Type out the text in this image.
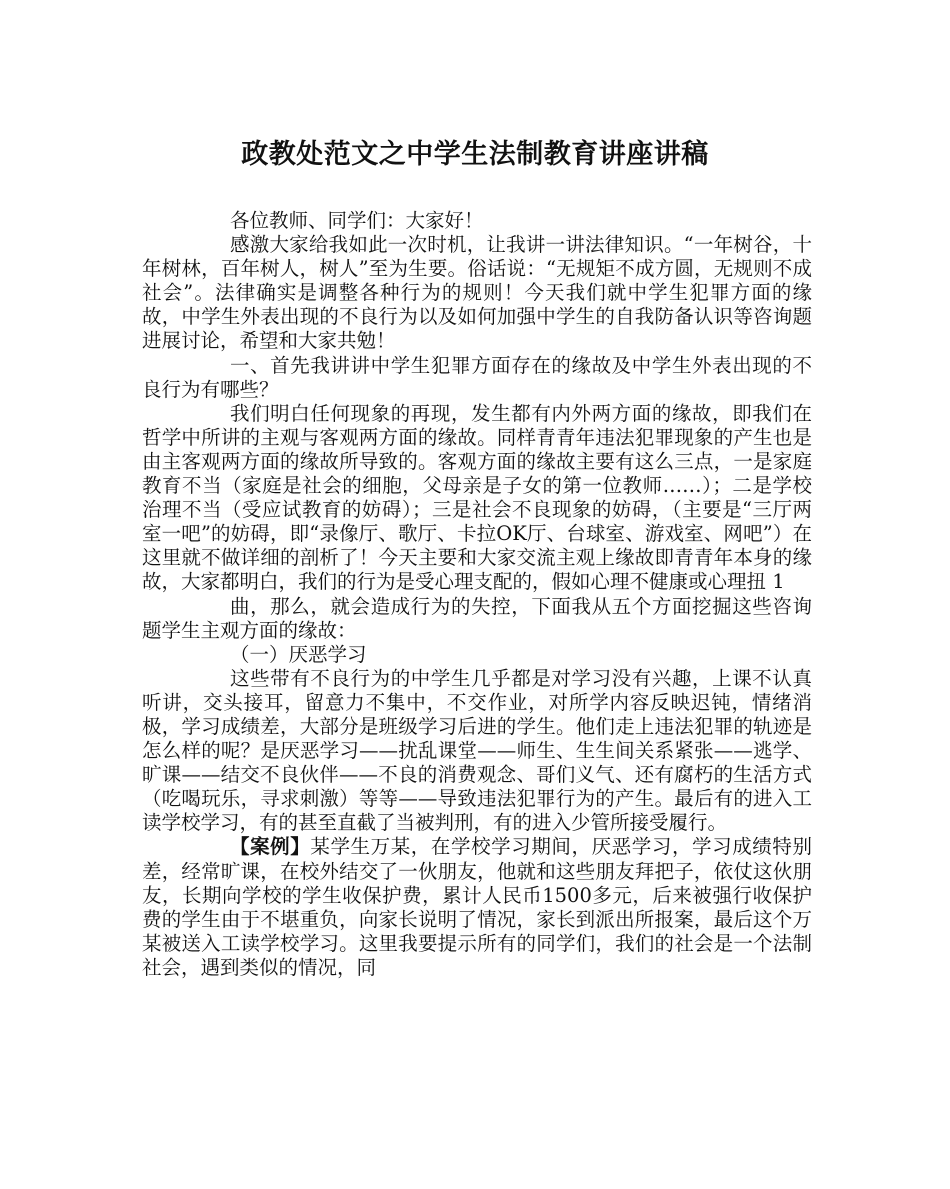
政教处范文之中学生法制教育讲座讲稿

各位教师、同学们：大家好！

感激大家给我如此一次时机，让我讲一讲法律知识。“一年树谷，十年树林，百年树人，树人”至为生要。俗话说：“无规矩不成方圆，无规则不成社会”。法律确实是调整各种行为的规则！今天我们就中学生犯罪方面的缘故，中学生外表出现的不良行为以及如何加强中学生的自我防备认识等咨询题进展讨论，希望和大家共勉！

一、首先我讲讲中学生犯罪方面存在的缘故及中学生外表出现的不良行为有哪些？

我们明白任何现象的再现，发生都有内外两方面的缘故，即我们在哲学中所讲的主观与客观两方面的缘故。同样青青年违法犯罪现象的产生也是由主客观两方面的缘故所导致的。客观方面的缘故主要有这么三点，一是家庭教育不当（家庭是社会的细胞，父母亲是子女的第一位教师……）；二是学校治理不当（受应试教育的妨碍）；三是社会不良现象的妨碍，（主要是“三厅两室一吧”的妨碍，即“录像厅、歌厅、卡拉OK厅、台球室、游戏室、网吧”）在这里就不做详细的剖析了！今天主要和大家交流主观上缘故即青青年本身的缘故，大家都明白，我们的行为是受心理支配的，假如心理不健康或心理扭 1

曲，那么，就会造成行为的失控，下面我从五个方面挖掘这些咨询题学生主观方面的缘故：

（一）厌恶学习

这些带有不良行为的中学生几乎都是对学习没有兴趣，上课不认真听讲，交头接耳，留意力不集中，不交作业，对所学内容反映迟钝，情绪消极，学习成绩差，大部分是班级学习后进的学生。他们走上违法犯罪的轨迹是怎么样的呢？是厌恶学习——扰乱课堂——师生、生生间关系紧张——逃学、旷课——结交不良伙伴——不良的消费观念、哥们义气、还有腐朽的生活方式（吃喝玩乐，寻求刺激）等等——导致违法犯罪行为的产生。最后有的进入工读学校学习，有的甚至直截了当被判刑，有的进入少管所接受履行。

【案例】某学生万某，在学校学习期间，厌恶学习，学习成绩特别差，经常旷课，在校外结交了一伙朋友，他就和这些朋友拜把子，依仗这伙朋友，长期向学校的学生收保护费，累计人民币1500多元，后来被强行收保护费的学生由于不堪重负，向家长说明了情况，家长到派出所报案，最后这个万某被送入工读学校学习。这里我要提示所有的同学们，我们的社会是一个法制社会，遇到类似的情况，同
